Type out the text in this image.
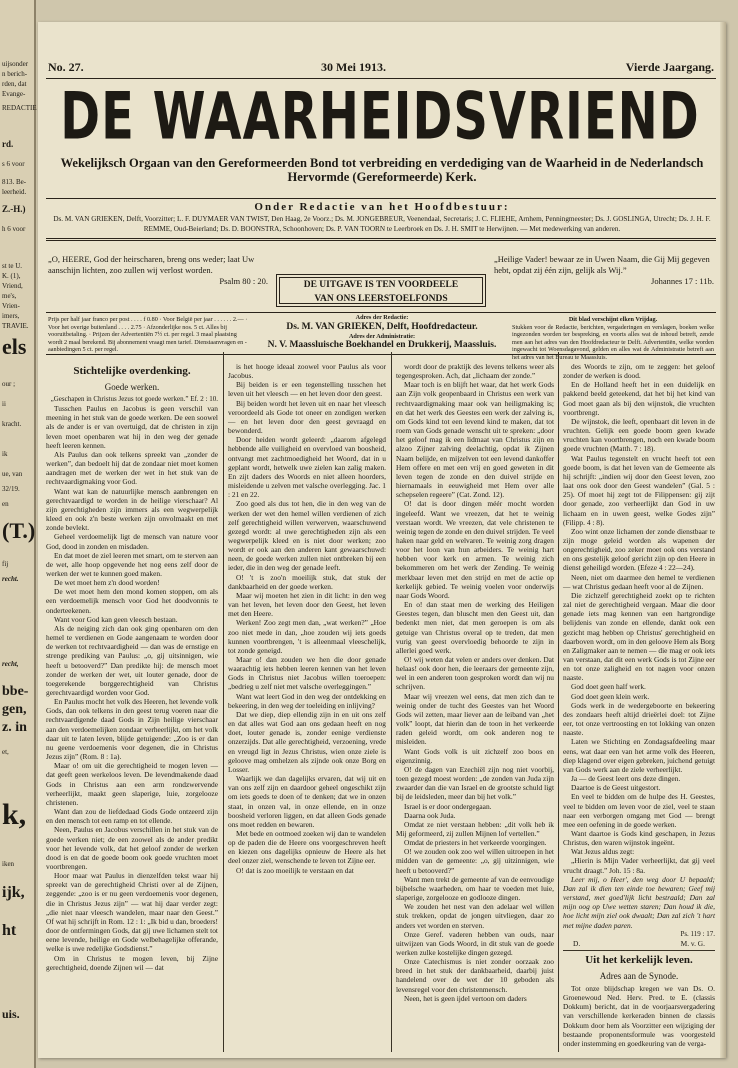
uijsonder
n berich-
rden, dat
Evange-
REDACTIE
rd.
s 6 voor
813. Be-
leerheid.
Z.-H.)
h 6 voor
st te U.
K. (1),
Vriend,
me's,
Vrien-
imers,
TRAVIE.
els
our ;
ii
kracht.
ik
ue, van
32/19.
en
(T.)
fij
recht.
recht,
bbe-
gen,
z. in
et,
k,
iken
ijk,
ht
uis.
No. 27.	30 Mei 1913.	Vierde Jaargang.
DE WAARHEIDSVRIEND
Wekelijksch Orgaan van den Gereformeerden Bond tot verbreiding en verdediging van de Waarheid in de Nederlandsch Hervormde (Gereformeerde) Kerk.
Onder Redactie van het Hoofdbestuur:
Ds. M. VAN GRIEKEN, Delft, Voorzitter; L. F. DUYMAER VAN TWIST, Den Haag, 2e Voorz.; Ds. M. JONGEBREUR, Veenendaal, Secretaris; J. C. FLIEHE, Arnhem, Penningmeester; Ds. J. GOSLINGA, Utrecht; Ds. J. H. F. REMME, Oud-Beierland; Ds. D. BOONSTRA, Schoonhoven; Ds. P. VAN TOORN te Leerbroek en Ds. J. H. SMIT te Herwijnen. — Met medewerking van anderen.
„O, HEERE, God der heirscharen, breng ons weder; laat Uw aanschijn lichten, zoo zullen wij verlost worden.
Psalm 80 : 20.	DE UITGAVE IS TEN VOORDEELE
VAN ONS LEERSTOELFONDS
„Heilige Vader! bewaar ze in Uwen Naam, die Gij Mij gegeven hebt, opdat zij één zijn, gelijk als Wij.”
Johannes 17 : 11b.
Prijs per half jaar franco per post . . . . f 0.80 · Voor België per jaar . . . . . . 2.— · Voor het overige buitenland . . . . 2.75 · Afzonderlijke nos. 5 ct. Alles bij vooruitbetaling. · Prijzen der Advertentiën 7½ ct. per regel. 3 maal plaatsing wordt 2 maal berekend. Bij abonnement vraagt men tarief. Dienstaanvragen en -aanbiedingen 5 ct. per regel.
Adres der Redactie:
Ds. M. VAN GRIEKEN, Delft, Hoofdredacteur.
Adres der Administratie:
N. V. Maassluische Boekhandel en Drukkerij, Maassluis.
Dit blad verschijnt elken Vrijdag.
Stukken voor de Redactie, berichten, vergaderingen en verslagen, boeken welke ingezonden worden ter bespreking, en voorts alles wat de inhoud betreft, zende men aan het adres van den Hoofdredacteur te Delft. Advertentiën, welke worden ingewacht tot Woensdagavond, gelden en alles wat de Administratie betreft aan het adres van het Bureau te Maassluis.
Stichtelijke overdenking.
Goede werken.

„Geschapen in Christus Jezus tot goede werken.” Ef. 2 : 10.

Tusschen Paulus en Jacobus is geen verschil van meening in het stuk van de goede werken. De een soowel als de ander is er van overtuigd, dat de christen in zijn leven moet openbaren wat hij in den weg der genade heeft leeren kennen.

Als Paulus dan ook telkens spreekt van „zonder de werken”, dan bedoelt hij dat de zondaar niet moet komen aandragen met de werken der wet in het stuk van de rechtvaardigmaking voor God.

Want wat kan de natuurlijke mensch aanbrengen en gerechtvaardigd te worden in de heilige vierschaar? Al zijn gerechtigheden zijn immers als een wegwerpelijk kleed en ook z'n beste werken zijn onvolmaakt en met zonde bevlekt.

Geheel verdoemelijk ligt de mensch van nature voor God, dood in zonden en misdaden.

En dat moet de ziel leeren met smart, om te sterven aan de wet, alle hoop opgevende het nog eens zelf door de werken der wet te kunnen goed maken.

De wet moet hem z'n dood worden!

De wet moet hem den mond komen stoppen, om als een verdoemelijk mensch voor God het doodvonnis te onderteekenen.

Want voor God kan geen vleesch bestaan.

Als de neiging zich dan ook ging openbaren om den hemel te verdienen en Gode aangenaam te worden door de werken tot rechtvaardigheid — dan was de ernstige en strenge prediking van Paulus: „o, gij uitsinnigen, wie heeft u betooverd?” Dan predikte hij: de mensch moet zonder de werken der wet, uit louter genade, door de toegerekende borggerechtigheid van Christus gerechtvaardigd worden voor God.

En Paulus mocht het volk des Heeren, het levende volk Gods, dan ook telkens in den geest terug voeren naar die rechtvaardigende daad Gods in Zijn heilige vierschaar aan den verdoemelijken zondaar verheerlijkt, om het volk daar uit te laten leven, blijde getuigende: „Zoo is er dan nu geene verdoemenis voor degenen, die in Christus Jezus zijn” (Rom. 8 : 1a).

Maar o! om uit die gerechtigheid te mogen leven — dat geeft geen werkeloos leven. De levendmakende daad Gods in Christus aan een arm rondzwervende verheerlijkt, maakt geen slaperige, luie, zorgelooze christenen.

Want dan zou de liefdedaad Gods Gode ontzeerd zijn en den mensch tot een ramp en tot ellende.

Neen, Paulus en Jacobus verschillen in het stuk van de goede werken niet; de een zoowel als de ander predikt voor het levende volk, dat het geloof zonder de werken dood is en dat de goede boom ook goede vruchten moet voortbrengen.

Hoor maar wat Paulus in dienzelfden tekst waar hij spreekt van de gerechtigheid Christi over al de Zijnen, zeggende: „zoo is er nu geen verdoemenis voor degenen, die in Christus Jezus zijn” — wat hij daar verder zegt: „die niet naar vleesch wandelen, maar naar den Geest.” Of wat hij schrijft in Rom. 12 : 1: „Ik bid u dan, broeders! door de ontfermingen Gods, dat gij uwe lichamen stelt tot eene levende, heilige en Gode welbehagelijke offerande, welke is uwe redelijke Godsdienst.”

Om in Christus te mogen leven, bij Zijne gerechtigheid, doende Zijnen wil — dat

is het hooge ideaal zoowel voor Paulus als voor Jacobus.

Bij beiden is er een tegenstelling tusschen het leven uit het vleesch — en het leven door den geest.

Bij beiden wordt het leven uit en naar het vleesch veroordeeld als Gode tot oneer en zondigen werken — en het leven door den geest gevraagd en bewonderd.

Door heiden wordt geleerd: „daarom afgelegd hebbende alle vuiligheid en overvloed van boosheid, ontvangt met zachtmoedigheid het Woord, dat in u geplant wordt, hetwelk uwe zielen kan zalig maken. En zijt daders des Woords en niet alleen hoorders, misleidende u zelven met valsche overlegging. Jac. 1 : 21 en 22.

Zoo goed als dus tot hen, die in den weg van de werken der wet den hemel willen verdienen of zich zelf gerechtigheid willen verwerven, waarschuwend gezegd wordt: al uwe gerechtigheden zijn als een wegwerpelijk kleed en is niet door werken; zoo wordt er ook aan den anderen kant gewaarschuwd: neen, de goede werken zullen niet ontbreken bij een ieder, die in den weg der genade leeft.

O! 't is zoo'n moeilijk stuk, dat stuk der dankbaarheid en der goede werken.

Maar wij moeten het zien in dit licht: in den weg van het leven, het leven door den Geest, het leven met den Heere.

Werken! Zoo zegt men dan, „wat werken?” „Hoe zoo niet mede in dan, „hoe zouden wij iets goeds kunnen voortbrengen, 't is alleenmaal vleeschelijk, tot zonde geneigd.

Maar o! dan zouden we hen die door genade waarachtig iets hebben leeren kennen van het leven Gods in Christus niet Jacobus willen toeroepen: „bedrieg u zelf niet met valsche overleggingen.”

Want wat leert God in den weg der ontdekking en bekeering, in den weg der toeleiding en inlijving?

Dat we diep, diep ellendig zijn in en uit ons zelf en dat alles wat God aan ons gedaan heeft en nog doet, louter genade is, zonder eenige verdienste onzerzijds. Dat alle gerechtigheid, verzoening, vrede en vreugd ligt in Jezus Christus, wien onze ziele is geloove mag omhelzen als zijnde ook onze Borg en Losser.

Waarlijk we dan dagelijks ervaren, dat wij uit en van ons zelf zijn en daardoor geheel ongeschikt zijn om iets goeds te doen of te denken; dat we in onzen staat, in onzen val, in onze ellende, en in onze boosheid verloren liggen, en dat alleen Gods genade ons moet redden en bewaren.

Met bede en ootmoed zoeken wij dan te wandelen op de paden die de Heere ons voorgeschreven heeft en kiezen ons dagelijks opnieuw de Heere als het deel onzer ziel, wenschende te leven tot Zijne eer.

O! dat is zoo moeilijk te verstaan en dat

wordt door de praktijk des levens telkens weer als tegengesproken. Ach, dat „lichaam der zonde.”

Maar toch is en blijft het waar, dat het werk Gods aan Zijn volk geopenbaard in Christus een werk van rechtvaardigmaking maar ook van heiligmaking is; en dat het werk des Geestes een werk der zalving is, om Gods kind tot een levend kind te maken, dat tot roem van Gods genade wenscht uit te spreken: „door het geloof mag ik een lidmaat van Christus zijn en alzoo Zijner zalving deelachtig, opdat ik Zijnen Naam belijde, en mijzelven tot een levend dankoffer Hem offere en met een vrij en goed geweten in dit leven tegen de zonde en den duivel strijde en hiernamaals in eeuwigheid met Hem over alle schepselen regeere” (Cat. Zond. 12).

O! dat is door dingen méér mocht worden ingeleefd. Want we vreezen, dat het te weinig verstaan wordt. We vreezen, dat vele christenen te weinig tegen de zonde en den duivel strijden. Te veel haken naar geld en welvaren. Te weinig zorg dragen voor het loon van hun arbeiders. Te weinig hart hebben voor kerk en armen. Te weinig zich bekommeren om het werk der Zending. Te weinig merkbaar leven met den strijd en met de actie op kerkelijk gebied. Te weinig voelen voor onderwijs naar Gods Woord.

En o! dan staat men de werking des Heiligen Geestes tegen, dan bluscht men den Geest uit, dan bedenkt men niet, dat men geroepen is om als getuige van Christus overal op te treden, dat men vurig van geest overvloedig behoorde te zijn in allerlei goed werk.

O! wij weten dat velen er anders over denken. Dat helaas! ook door hen, die leeraars der gemeente zijn, wel in een anderen toon gesproken wordt dan wij nu schrijven.

Maar wij vreezen wel eens, dat men zich dan te weinig onder de tucht des Geestes van het Woord Gods wil zetten, maar liever aan de leiband van „het volk” loopt, dat hierin dan de toon in het verkeerde raden geleid wordt, om ook anderen nog te misleiden.

Want Gods volk is uit zichzelf zoo boos en eigenzinnig.

O! de dagen van Ezechiël zijn nog niet voorbij, toen gezegd moest worden: „de zonden van Juda zijn zwaarder dan die van Israel en de grootste schuld ligt bij de leidsleden, meer dan bij het volk.”

Israel is er door ondergegaan.

Daarna ook Juda.

Omdat ze niet verstaan hebben: „dit volk heb ik Mij geformeerd, zij zullen Mijnen lof vertellen.”

Omdat de priesters in het verkeerde voorgingen.

O! we zouden ook zoo wel willen uitroepen in het midden van de gemeente: „o, gij uitzinnigen, wie heeft u betooverd?”

Want men trekt de gemeente af van de eenvoudige bijbelsche waarheden, om haar te voeden met luie, slaperige, zorgelooze en godlooze dingen.

We zouden het nest van den adelaar wel willen stuk trekken, opdat de jongen uitvliegen, daar zo anders vet worden en sterven.

Onze Geref. vaderen hebben van ouds, naar uitwijzen van Gods Woord, in dit stuk van de goede werken zulke kostelijke dingen gezegd.

Onze Catechismus is niet zonder oorzaak zoo breed in het stuk der dankbaarheid, daarbij juist handelend over de wet der 10 geboden als levensregel voor den christenmensch.

Neen, het is geen ijdel vertoon om daders

des Woords te zijn, om te zeggen: het geloof zonder de werken is dood.

En de Holland heeft het in een duidelijk en pakkend beeld geteekend, dat het bij het kind van God moet gaan als bij den wijnstok, die vruchten voortbrengt.

De wijnstok, die leeft, openbaart dit leven in de vruchten. Gelijk een goede boom geen kwade vruchten kan voortbrengen, noch een kwade boom goede vruchten (Matth. 7 : 18).

Wat Paulus tegenstelt en vrucht heeft tot een goede boom, is dat het leven van de Gemeente als hij schrijft: „indien wij door den Geest leven, zoo laat ons ook door den Geest wandelen” (Gal. 5 : 25). Of moet hij zegt tot de Filippensen: gij zijt door genade, zoo verheerlijkt dan God in uw lichaam en in uwen geest, welke Godes zijn” (Filipp. 4 : 8).

Zoo wint onze lichamen der zonde dienstbaar te zijn moge geleid worden als wapenen der ongerechtigheid, zoo zeker moet ook ons verstand en ons gestelijk geloof gericht zijn op den Heere in dienst geheiligd worden. (Efeze 4 : 22—24).

Neen, niet om daarmee den hemel te verdienen — wat Christus gedaan heeft voor al de Zijnen.

Die zichzelf gerechtigheid zoekt op te richten zal niet de gerechtigheid vergaan. Maar die door genade iets mag kennen van een hartgrondige belijdenis van zonde en ellende, dankt ook een gezicht mag hebben op Christus' gerechtigheid en daarboven wordt, om in den geloove Hem als Borg en Zaligmaker aan te nemen — die mag er ook iets van verstaan, dat dit een werk Gods is tot Zijne eer en tot onze zaligheid en tot nagen voor onzen naaste.

God doet geen half werk.

God doet geen klein werk.

Gods werk in de wedergeboorte en bekeering des zondaars heeft altijd drieërlei doel: tot Zijne eer, tot onze vertroosting en tot lokking van onzen naaste.

Laten we Stichting en Zondagsafdeeling maar eens, wat daar een van het arme volk des Heeren, diep klagend over eigen gebreken, juichend getuigt van Gods werk aan de ziele verheerlijkt.

Ja — de Geest leert ons deze dingen.

Daartoe is de Geest uitgestort.

En veel te bidden om de hulpe des H. Geestes, veel te bidden om leven voor de ziel, veel te staan naar een verborgen omgang met God — brengt mee een oefening in de goede werken.

Want daartoe is Gods kind geschapen, in Jezus Christus, den waren wijnstok ingeënt.

Wat Jezus aldus zegt:

„Hierin is Mijn Vader verheerlijkt, dat gij veel vrucht draagt.” Joh. 15 : 8a.

Leer mij, o Heer', den weg door U bepaald; Dan zal ik dien ten einde toe bewaren; Geef mij verstand, met goed'lijk licht bestraald; Dan zal mijn oog op Uwe wetten staren; Dan houd ik die, hoe licht mijn ziel ook dwaalt; Dan zal zich 't hart met mijne daden paren.

Ps. 119 : 17.

D.	M. v. G.
Uit het kerkelijk leven.
Adres aan de Synode.

Tot onze blijdschap kregen we van Ds. O. Groenewoud Ned. Herv. Pred. te E. (classis Dokkum) bericht, dat in de voorjaarsvergadering van verschillende kerkeraden binnen de classis Dokkum door hem als Voorzitter een wijziging der bestaande proponentsformule was voorgesteld onder instemming en goedkeuring van de verga-
